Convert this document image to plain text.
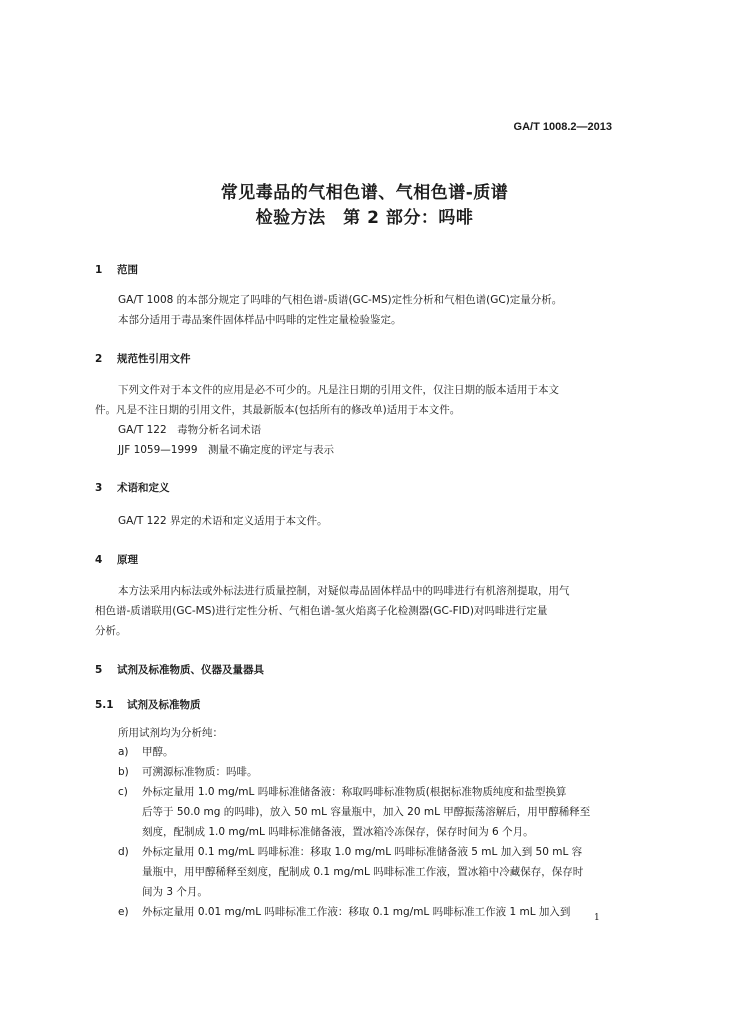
GA/T 1008.2—2013
常见毒品的气相色谱、气相色谱-质谱
检验方法　第 2 部分：吗啡
1 范围
GA/T 1008 的本部分规定了吗啡的气相色谱-质谱(GC-MS)定性分析和气相色谱(GC)定量分析。
本部分适用于毒品案件固体样品中吗啡的定性定量检验鉴定。
2 规范性引用文件
下列文件对于本文件的应用是必不可少的。凡是注日期的引用文件，仅注日期的版本适用于本文
件。凡是不注日期的引用文件，其最新版本(包括所有的修改单)适用于本文件。
GA/T 122　毒物分析名词术语
JJF 1059—1999　测量不确定度的评定与表示
3 术语和定义
GA/T 122 界定的术语和定义适用于本文件。
4 原理
本方法采用内标法或外标法进行质量控制，对疑似毒品固体样品中的吗啡进行有机溶剂提取，用气
相色谱-质谱联用(GC-MS)进行定性分析、气相色谱-氢火焰离子化检测器(GC-FID)对吗啡进行定量
分析。
5 试剂及标准物质、仪器及量器具
5.1 试剂及标准物质
所用试剂均为分析纯：
a) 甲醇。
b) 可溯源标准物质：吗啡。
c) 外标定量用 1.0 mg/mL 吗啡标准储备液：称取吗啡标准物质(根据标准物质纯度和盐型换算
后等于 50.0 mg 的吗啡)，放入 50 mL 容量瓶中，加入 20 mL 甲醇振荡溶解后，用甲醇稀释至
刻度，配制成 1.0 mg/mL 吗啡标准储备液，置冰箱冷冻保存，保存时间为 6 个月。
d) 外标定量用 0.1 mg/mL 吗啡标准：移取 1.0 mg/mL 吗啡标准储备液 5 mL 加入到 50 mL 容
量瓶中，用甲醇稀释至刻度，配制成 0.1 mg/mL 吗啡标准工作液，置冰箱中冷藏保存，保存时
间为 3 个月。
e) 外标定量用 0.01 mg/mL 吗啡标准工作液：移取 0.1 mg/mL 吗啡标准工作液 1 mL 加入到	1
